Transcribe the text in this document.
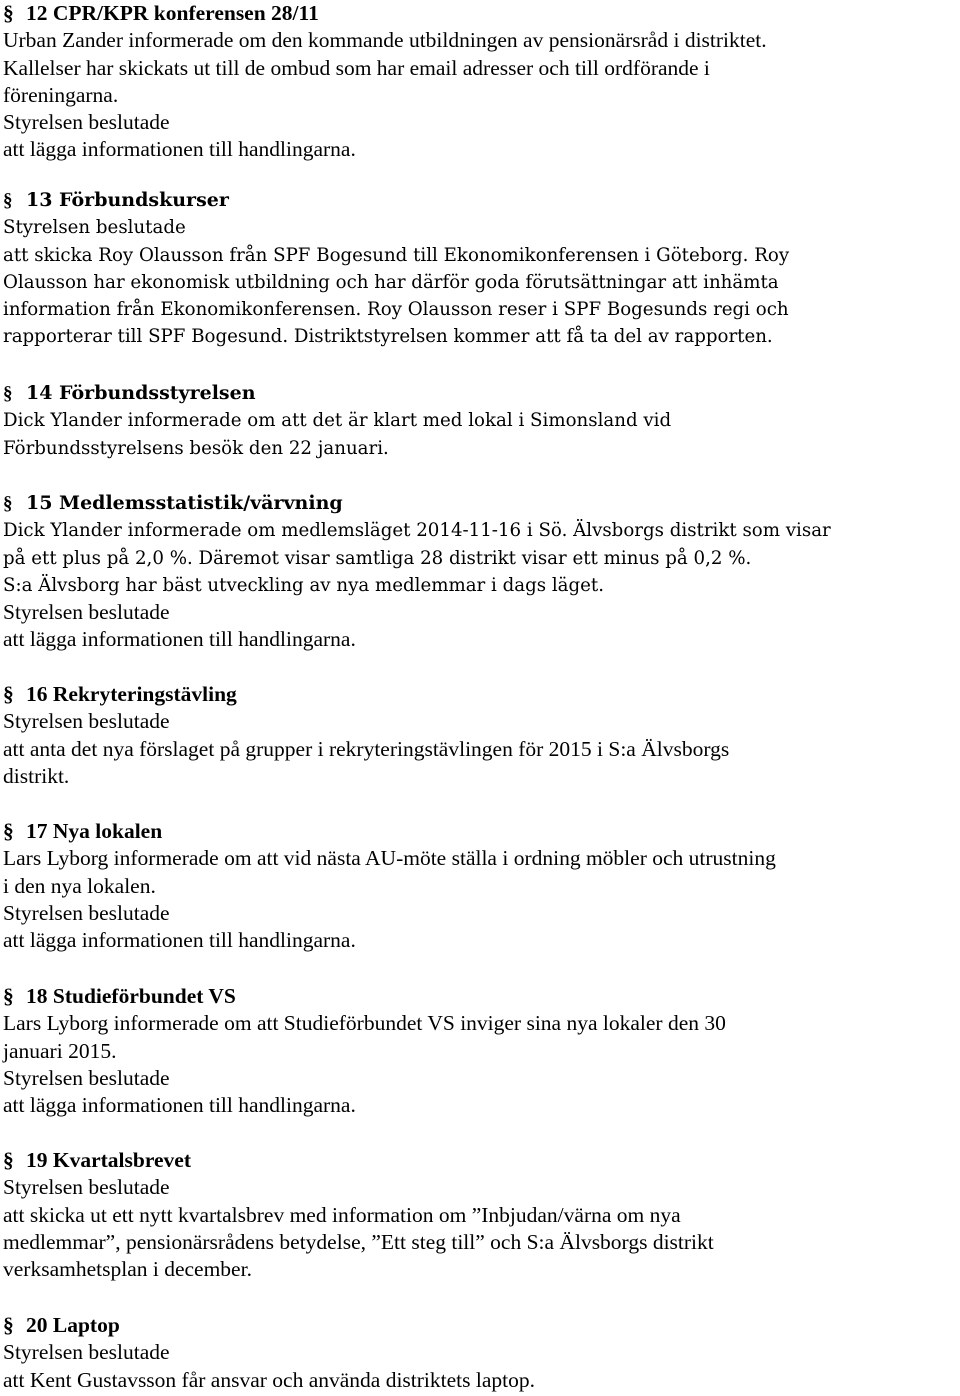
§ 12 CPR/KPR konferensen 28/11
Urban Zander informerade om den kommande utbildningen av pensionärsråd i distriktet.
Kallelser har skickats ut till de ombud som har email adresser och till ordförande i
föreningarna.
Styrelsen beslutade
att lägga informationen till handlingarna.
§ 13 Förbundskurser
Styrelsen beslutade
att skicka Roy Olausson från SPF Bogesund till Ekonomikonferensen i Göteborg. Roy
Olausson har ekonomisk utbildning och har därför goda förutsättningar att inhämta
information från Ekonomikonferensen. Roy Olausson reser i SPF Bogesunds regi och
rapporterar till SPF Bogesund. Distriktstyrelsen kommer att få ta del av rapporten.
§ 14 Förbundsstyrelsen
Dick Ylander informerade om att det är klart med lokal i Simonsland vid
Förbundsstyrelsens besök den 22 januari.
§ 15 Medlemsstatistik/värvning
Dick Ylander informerade om medlemsläget 2014-11-16 i Sö. Älvsborgs distrikt som visar
på ett plus på 2,0 %. Däremot visar samtliga 28 distrikt visar ett minus på 0,2 %.
S:a Älvsborg har bäst utveckling av nya medlemmar i dags läget.
Styrelsen beslutade
att lägga informationen till handlingarna.
§ 16 Rekryteringstävling
Styrelsen beslutade
att anta det nya förslaget på grupper i rekryteringstävlingen för 2015 i S:a Älvsborgs
distrikt.
§ 17 Nya lokalen
Lars Lyborg informerade om att vid nästa AU-möte ställa i ordning möbler och utrustning
i den nya lokalen.
Styrelsen beslutade
att lägga informationen till handlingarna.
§ 18 Studieförbundet VS
Lars Lyborg informerade om att Studieförbundet VS inviger sina nya lokaler den 30
januari 2015.
Styrelsen beslutade
att lägga informationen till handlingarna.
§ 19 Kvartalsbrevet
Styrelsen beslutade
att skicka ut ett nytt kvartalsbrev med information om ”Inbjudan/värna om nya
medlemmar”, pensionärsrådens betydelse, ”Ett steg till” och S:a Älvsborgs distrikt
verksamhetsplan i december.
§ 20 Laptop
Styrelsen beslutade
att Kent Gustavsson får ansvar och använda distriktets laptop.
